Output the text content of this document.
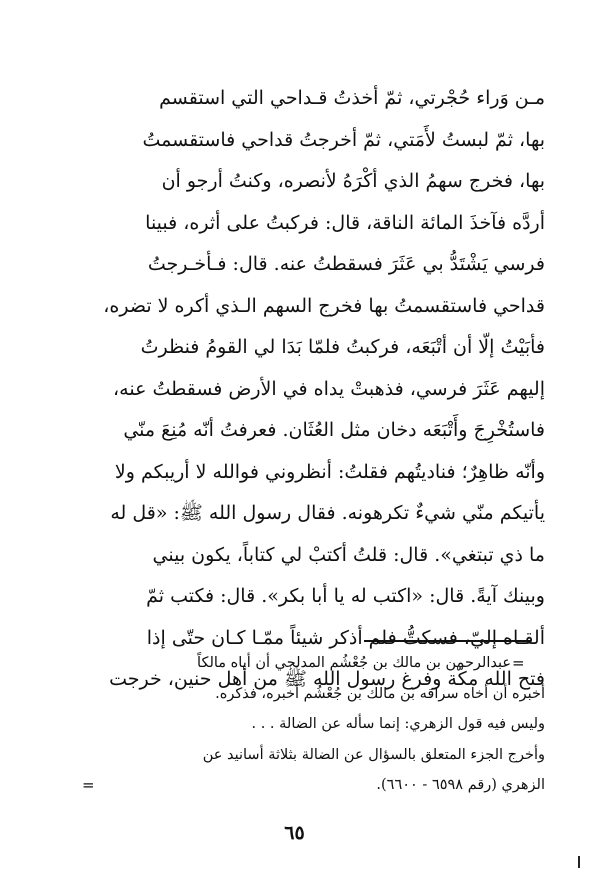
مـن وَراء حُجْرتي، ثمّ أخذتُ قـداحي التي استقسم
بها، ثمّ لبستُ لأَمَتي، ثمّ أخرجتُ قداحي فاستقسمتُ
بها، فخرج سهمُ الذي أكْرَهُ لأنصره، وكنتُ أرجو أن
أردَّه فآخذَ المائة الناقة، قال: فركبتُ على أثره، فبينا
فرسي يَشْتَدُّ بي عَثَرَ فسقطتُ عنه. قال: فـأخـرجتُ
قداحي فاستقسمتُ بها فخرج السهم الـذي أكره لا تضره،
فأبَيْتُ إلّا أن أتْبَعَه، فركبتُ فلمّا بَدَا لي القومُ فنظرتُ
إليهم عَثَرَ فرسي، فذهبتْ يداه في الأرض فسقطتُ عنه،
فاستُخْرِجَ وأَتْبَعَه دخان مثل العُثَان. فعرفتُ أنّه مُنِعَ منّي
وأنّه ظاهِرٌ؛ فناديتُهم فقلتُ: أنظروني فوالله لا أريبكم ولا
يأتيكم منّي شيءٌ تكرهونه. فقال رسول الله ﷺ: «قل له
ما ذي تبتغي». قال: قلتُ أكتبْ لي كتاباً، يكون بيني
وبينك آيةً. قال: «اكتب له يا أبا بكر». قال: فكتب ثمّ
ألقـاه إليّ، فسكتُّ فلم أذكر شيئاً ممّـا كـان حتّى إذا
فتح الله مكّة وفرغ رسول الله ﷺ من أهل حنين، خرجت
=
عبدالرحمن بن مالك بن جُعْشُم المدلجي أن أباه مالكاً
أخبره أن أخاه سراقه بن مالك بن جُعْشُم أخبره، فذكره.
وليس فيه قول الزهري: إنما سأله عن الضالة . . .
وأخرج الجزء المتعلق بالسؤال عن الضالة بثلاثة أسانيد عن
الزهري (رقم ٦٥٩٨ - ٦٦٠٠).
=
٦٥
